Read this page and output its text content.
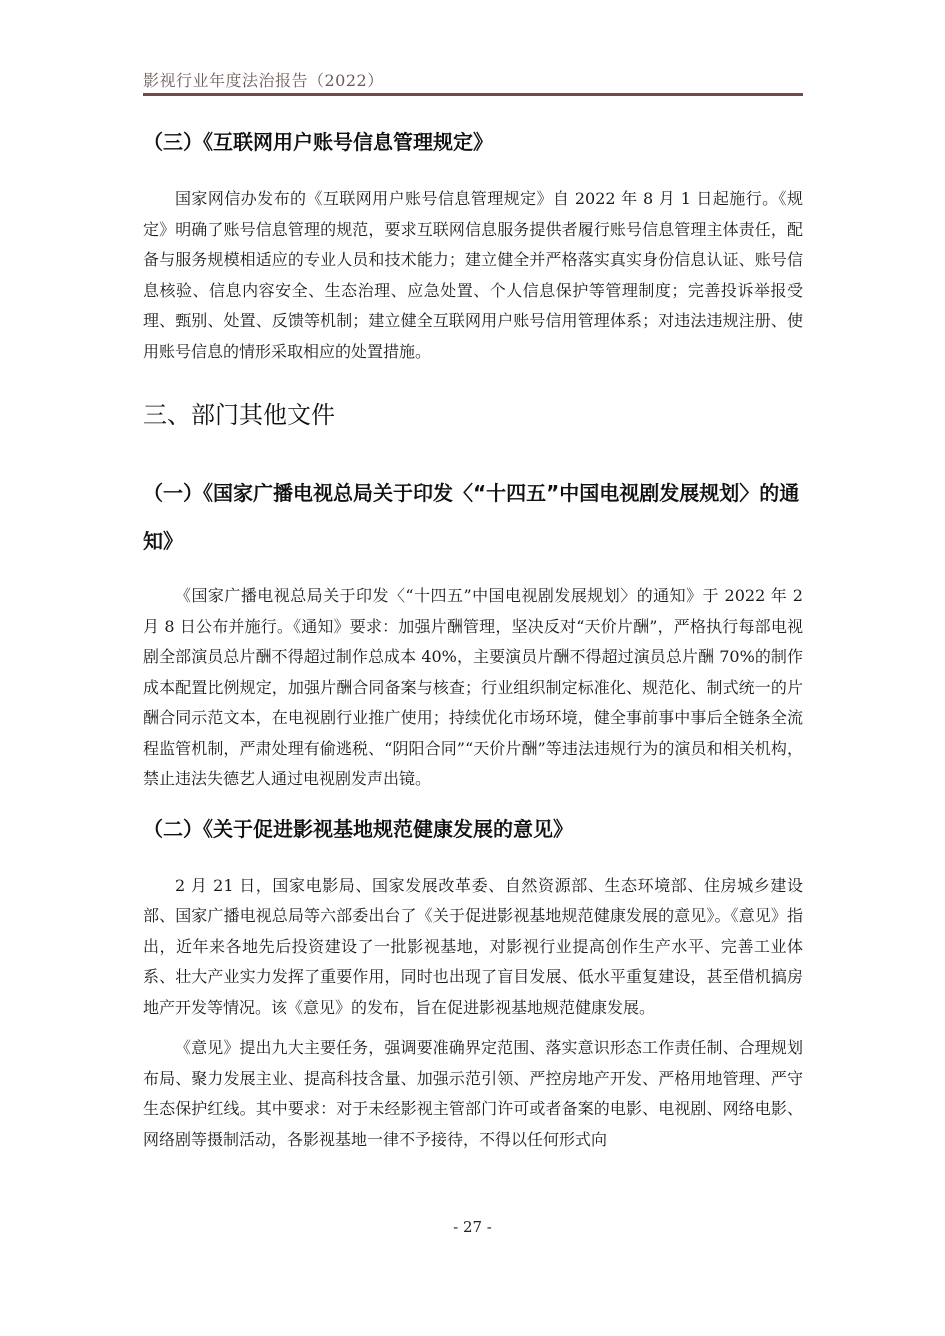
影视行业年度法治报告（2022）
（三）《互联网用户账号信息管理规定》

国家网信办发布的《互联网用户账号信息管理规定》自 2022 年 8 月 1 日起施行。《规定》明确了账号信息管理的规范，要求互联网信息服务提供者履行账号信息管理主体责任，配备与服务规模相适应的专业人员和技术能力；建立健全并严格落实真实身份信息认证、账号信息核验、信息内容安全、生态治理、应急处置、个人信息保护等管理制度；完善投诉举报受理、甄别、处置、反馈等机制；建立健全互联网用户账号信用管理体系；对违法违规注册、使用账号信息的情形采取相应的处置措施。

三、部门其他文件
（一）《国家广播电视总局关于印发〈“十四五”中国电视剧发展规划〉的通知》

《国家广播电视总局关于印发〈“十四五”中国电视剧发展规划〉的通知》于 2022 年 2 月 8 日公布并施行。《通知》要求：加强片酬管理，坚决反对“天价片酬”，严格执行每部电视剧全部演员总片酬不得超过制作总成本 40%，主要演员片酬不得超过演员总片酬 70%的制作成本配置比例规定，加强片酬合同备案与核查；行业组织制定标准化、规范化、制式统一的片酬合同示范文本，在电视剧行业推广使用；持续优化市场环境，健全事前事中事后全链条全流程监管机制，严肃处理有偷逃税、“阴阳合同”“天价片酬”等违法违规行为的演员和相关机构，禁止违法失德艺人通过电视剧发声出镜。

（二）《关于促进影视基地规范健康发展的意见》

2 月 21 日，国家电影局、国家发展改革委、自然资源部、生态环境部、住房城乡建设部、国家广播电视总局等六部委出台了《关于促进影视基地规范健康发展的意见》。《意见》指出，近年来各地先后投资建设了一批影视基地，对影视行业提高创作生产水平、完善工业体系、壮大产业实力发挥了重要作用，同时也出现了盲目发展、低水平重复建设，甚至借机搞房地产开发等情况。该《意见》的发布，旨在促进影视基地规范健康发展。

《意见》提出九大主要任务，强调要准确界定范围、落实意识形态工作责任制、合理规划布局、聚力发展主业、提高科技含量、加强示范引领、严控房地产开发、严格用地管理、严守生态保护红线。其中要求：对于未经影视主管部门许可或者备案的电影、电视剧、网络电影、网络剧等摄制活动，各影视基地一律不予接待，不得以任何形式向

- 27 -
